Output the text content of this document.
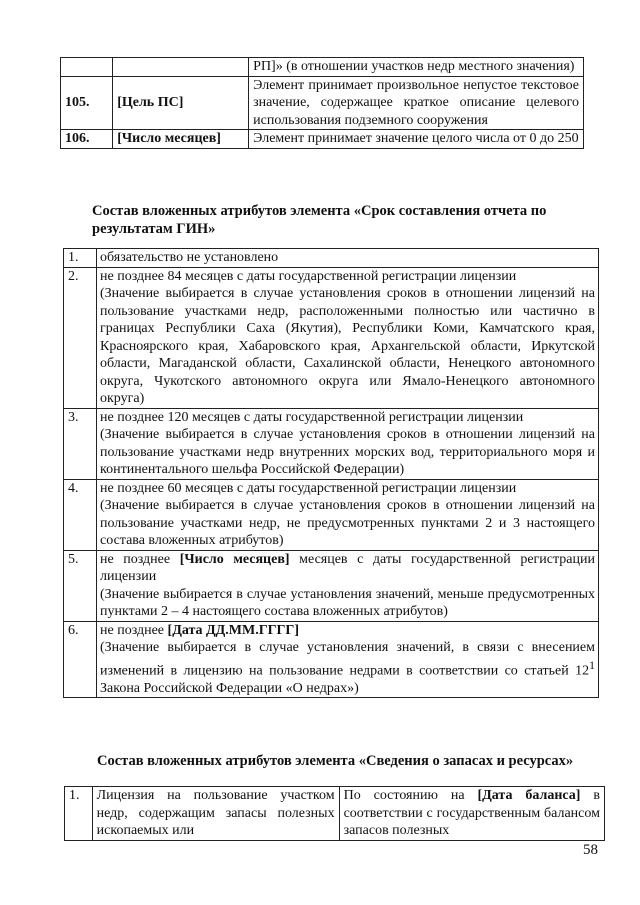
		РП]» (в отношении участков недр местного значения)
105.	[Цель ПС]	Элемент принимает произвольное непустое текстовое значение, содержащее краткое описание целевого использования подземного сооружения
106.	[Число месяцев]	Элемент принимает значение целого числа от 0 до 250
Состав вложенных атрибутов элемента «Срок составления отчета по результатам ГИН»
1.	обязательство не установлено

2.	не позднее 84 месяцев с даты государственной регистрации лицензии
(Значение выбирается в случае установления сроков в отношении лицензий на пользование участками недр, расположенными полностью или частично в границах Республики Саха (Якутия), Республики Коми, Камчатского края, Красноярского края, Хабаровского края, Архангельской области, Иркутской области, Магаданской области, Сахалинской области, Ненецкого автономного округа, Чукотского автономного округа или Ямало-Ненецкого автономного округа)

3.	не позднее 120 месяцев с даты государственной регистрации лицензии
(Значение выбирается в случае установления сроков в отношении лицензий на пользование участками недр внутренних морских вод, территориального моря и континентального шельфа Российской Федерации)

4.	не позднее 60 месяцев с даты государственной регистрации лицензии
(Значение выбирается в случае установления сроков в отношении лицензий на пользование участками недр, не предусмотренных пунктами 2 и 3 настоящего состава вложенных атрибутов)

5.	не позднее [Число месяцев] месяцев с даты государственной регистрации лицензии
(Значение выбирается в случае установления значений, меньше предусмотренных пунктами 2 – 4 настоящего состава вложенных атрибутов)

6.	не позднее [Дата ДД.ММ.ГГГГ]
(Значение выбирается в случае установления значений, в связи с внесением изменений в лицензию на пользование недрами в соответствии со статьей $12^1$ Закона Российской Федерации «О недрах»)
Состав вложенных атрибутов элемента «Сведения о запасах и ресурсах»
1.	Лицензия на пользование участком недр, содержащим запасы полезных ископаемых или	По состоянию на [Дата баланса] в соответствии с государственным балансом запасов полезных
58
